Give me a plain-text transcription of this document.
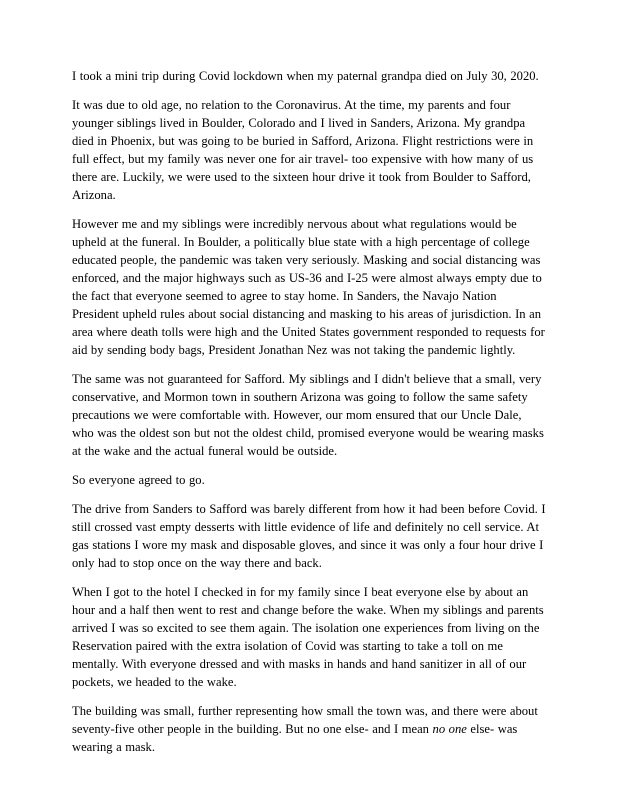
I took a mini trip during Covid lockdown when my paternal grandpa died on July 30, 2020.

It was due to old age, no relation to the Coronavirus. At the time, my parents and four younger siblings lived in Boulder, Colorado and I lived in Sanders, Arizona. My grandpa died in Phoenix, but was going to be buried in Safford, Arizona. Flight restrictions were in full effect, but my family was never one for air travel- too expensive with how many of us there are. Luckily, we were used to the sixteen hour drive it took from Boulder to Safford, Arizona.

However me and my siblings were incredibly nervous about what regulations would be upheld at the funeral. In Boulder, a politically blue state with a high percentage of college educated people, the pandemic was taken very seriously. Masking and social distancing was enforced, and the major highways such as US-36 and I-25 were almost always empty due to the fact that everyone seemed to agree to stay home. In Sanders, the Navajo Nation President upheld rules about social distancing and masking to his areas of jurisdiction. In an area where death tolls were high and the United States government responded to requests for aid by sending body bags, President Jonathan Nez was not taking the pandemic lightly.

The same was not guaranteed for Safford. My siblings and I didn't believe that a small, very conservative, and Mormon town in southern Arizona was going to follow the same safety precautions we were comfortable with. However, our mom ensured that our Uncle Dale, who was the oldest son but not the oldest child, promised everyone would be wearing masks at the wake and the actual funeral would be outside.

So everyone agreed to go.

The drive from Sanders to Safford was barely different from how it had been before Covid. I still crossed vast empty desserts with little evidence of life and definitely no cell service. At gas stations I wore my mask and disposable gloves, and since it was only a four hour drive I only had to stop once on the way there and back.

When I got to the hotel I checked in for my family since I beat everyone else by about an hour and a half then went to rest and change before the wake. When my siblings and parents arrived I was so excited to see them again. The isolation one experiences from living on the Reservation paired with the extra isolation of Covid was starting to take a toll on me mentally. With everyone dressed and with masks in hands and hand sanitizer in all of our pockets, we headed to the wake.

The building was small, further representing how small the town was, and there were about seventy-five other people in the building. But no one else- and I mean no one else- was wearing a mask.
